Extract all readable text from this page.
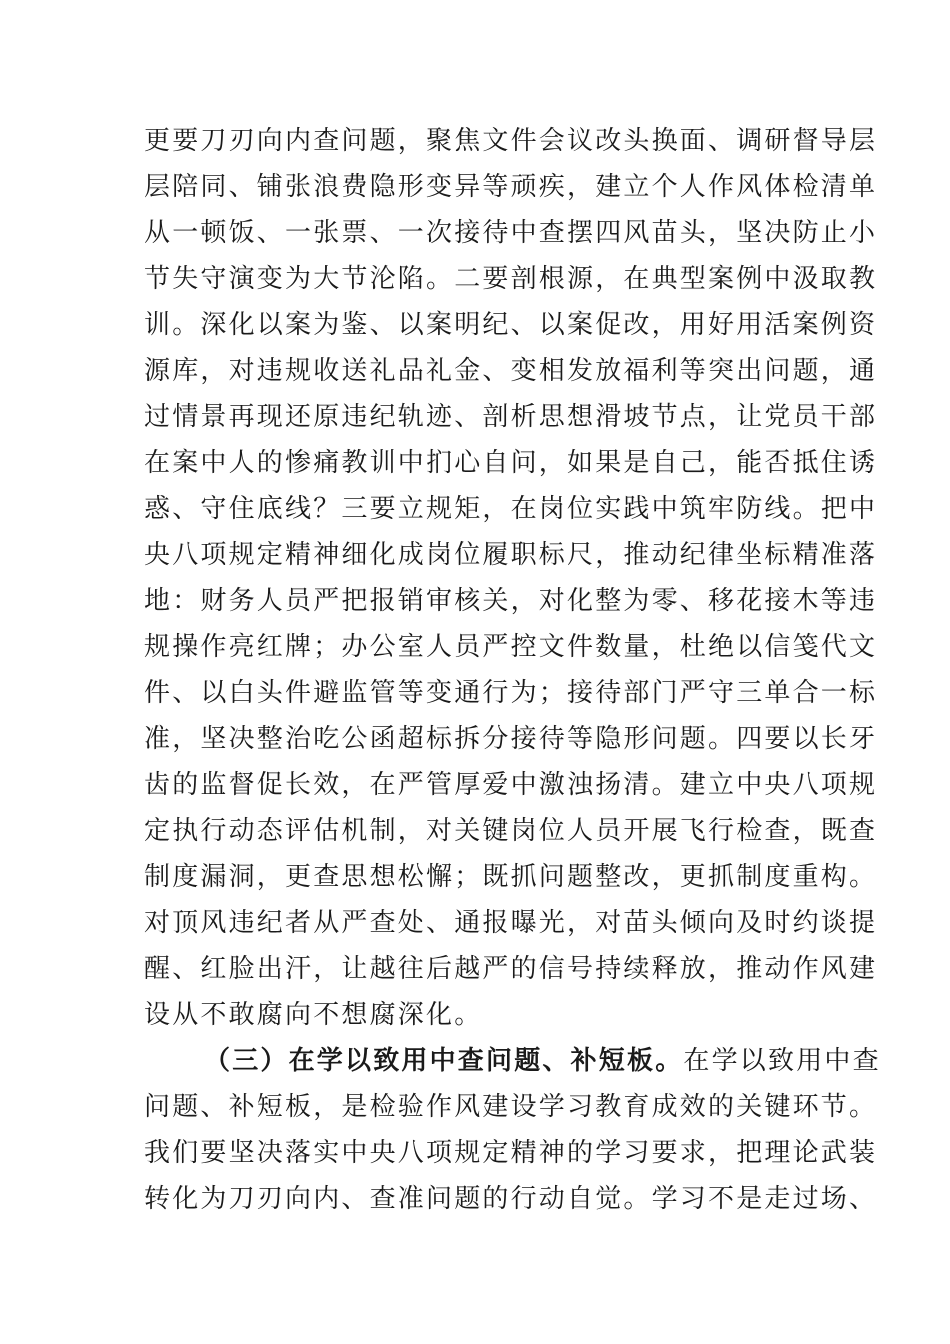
更要刀刃向内查问题，聚焦文件会议改头换面、调研督导层
层陪同、铺张浪费隐形变异等顽疾，建立个人作风体检清单
从一顿饭、一张票、一次接待中查摆四风苗头，坚决防止小
节失守演变为大节沦陷。二要剖根源，在典型案例中汲取教
训。深化以案为鉴、以案明纪、以案促改，用好用活案例资
源库，对违规收送礼品礼金、变相发放福利等突出问题，通
过情景再现还原违纪轨迹、剖析思想滑坡节点，让党员干部
在案中人的惨痛教训中扪心自问，如果是自己，能否抵住诱
惑、守住底线？三要立规矩，在岗位实践中筑牢防线。把中
央八项规定精神细化成岗位履职标尺，推动纪律坐标精准落
地：财务人员严把报销审核关，对化整为零、移花接木等违
规操作亮红牌；办公室人员严控文件数量，杜绝以信笺代文
件、以白头件避监管等变通行为；接待部门严守三单合一标
准，坚决整治吃公函超标拆分接待等隐形问题。四要以长牙
齿的监督促长效，在严管厚爱中激浊扬清。建立中央八项规
定执行动态评估机制，对关键岗位人员开展飞行检查，既查
制度漏洞，更查思想松懈；既抓问题整改，更抓制度重构。
对顶风违纪者从严查处、通报曝光，对苗头倾向及时约谈提
醒、红脸出汗，让越往后越严的信号持续释放，推动作风建
设从不敢腐向不想腐深化。
（三）在学以致用中查问题、补短板。在学以致用中查
问题、补短板，是检验作风建设学习教育成效的关键环节。
我们要坚决落实中央八项规定精神的学习要求，把理论武装
转化为刀刃向内、查准问题的行动自觉。学习不是走过场、
